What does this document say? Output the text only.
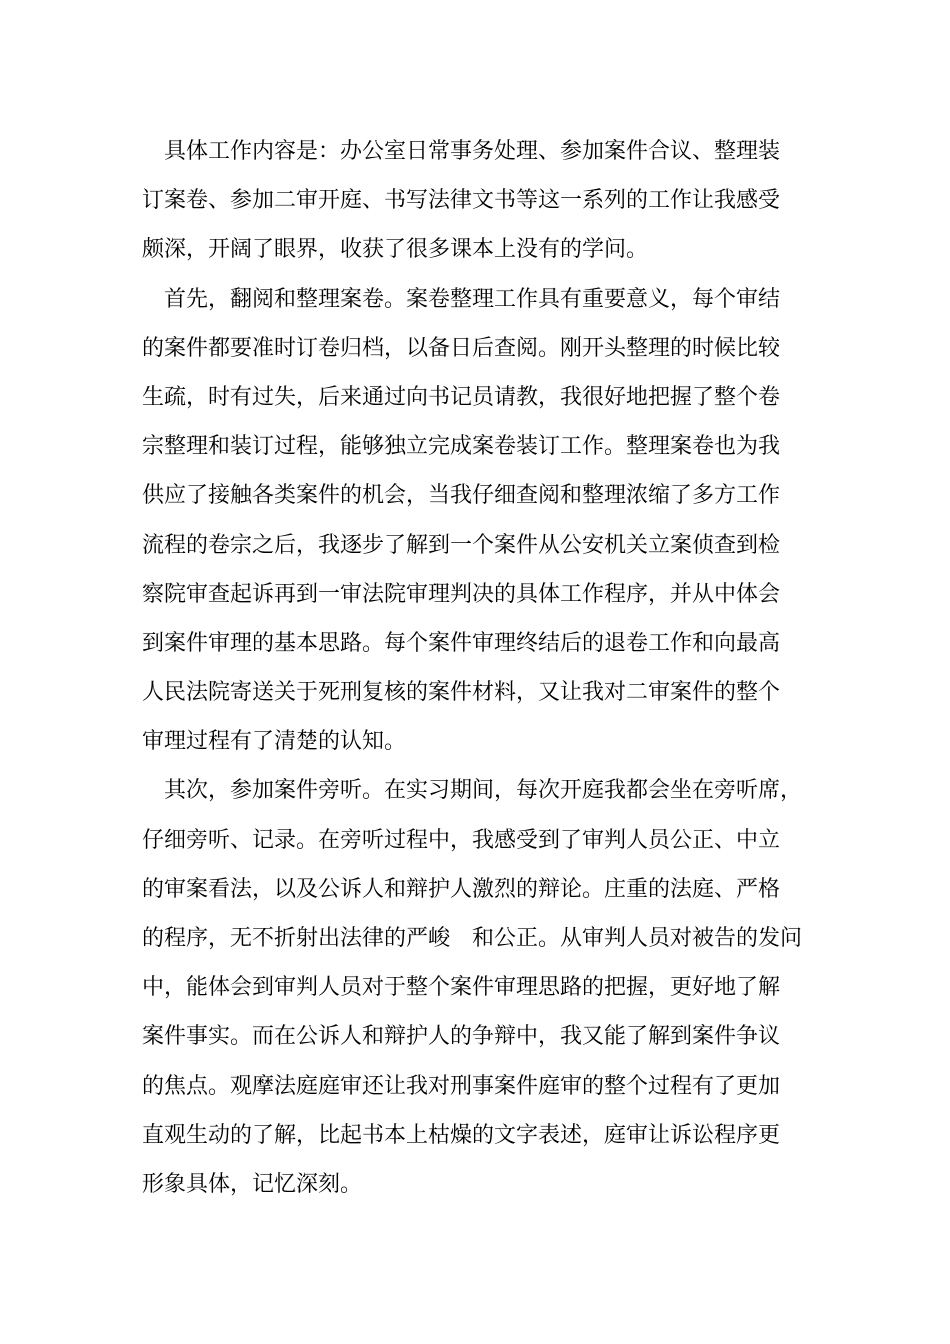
　具体工作内容是：办公室日常事务处理、参加案件合议、整理装
订案卷、参加二审开庭、书写法律文书等这一系列的工作让我感受
颇深，开阔了眼界，收获了很多课本上没有的学问。

　首先，翻阅和整理案卷。案卷整理工作具有重要意义，每个审结
的案件都要准时订卷归档，以备日后查阅。刚开头整理的时候比较
生疏，时有过失，后来通过向书记员请教，我很好地把握了整个卷
宗整理和装订过程，能够独立完成案卷装订工作。整理案卷也为我
供应了接触各类案件的机会，当我仔细查阅和整理浓缩了多方工作
流程的卷宗之后，我逐步了解到一个案件从公安机关立案侦查到检
察院审查起诉再到一审法院审理判决的具体工作程序，并从中体会
到案件审理的基本思路。每个案件审理终结后的退卷工作和向最高
人民法院寄送关于死刑复核的案件材料，又让我对二审案件的整个
审理过程有了清楚的认知。

　其次，参加案件旁听。在实习期间，每次开庭我都会坐在旁听席，
仔细旁听、记录。在旁听过程中，我感受到了审判人员公正、中立
的审案看法，以及公诉人和辩护人激烈的辩论。庄重的法庭、严格
的程序，无不折射出法律的严峻　和公正。从审判人员对被告的发问
中，能体会到审判人员对于整个案件审理思路的把握，更好地了解
案件事实。而在公诉人和辩护人的争辩中，我又能了解到案件争议
的焦点。观摩法庭庭审还让我对刑事案件庭审的整个过程有了更加
直观生动的了解，比起书本上枯燥的文字表述，庭审让诉讼程序更
形象具体，记忆深刻。
